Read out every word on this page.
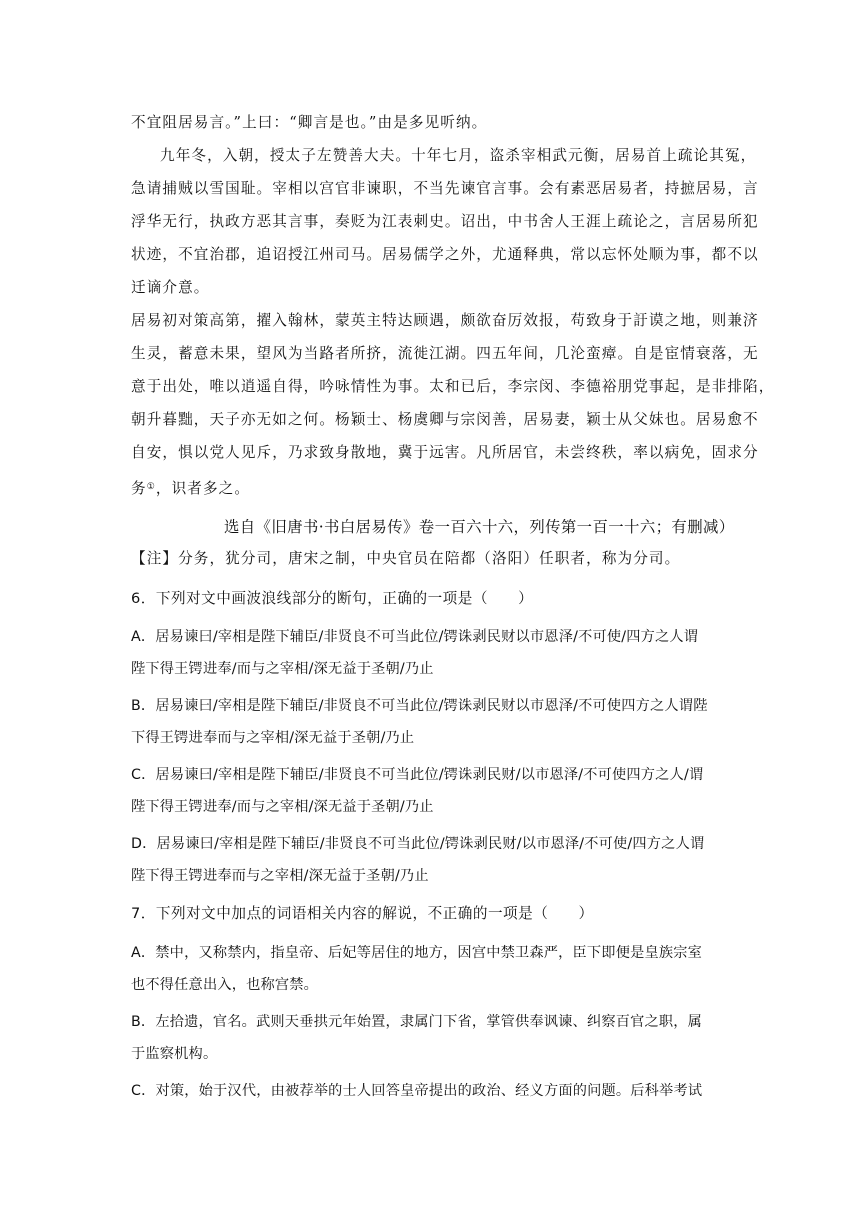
不宜阻居易言。”上曰：“卿言是也。”由是多见听纳。
九年冬，入朝，授太子左赞善大夫。十年七月，盗杀宰相武元衡，居易首上疏论其冤，
急请捕贼以雪国耻。宰相以宫官非谏职，不当先谏官言事。会有素恶居易者，持摭居易，言
浮华无行，执政方恶其言事，奏贬为江表刺史。诏出，中书舍人王涯上疏论之，言居易所犯
状迹，不宜治郡，追诏授江州司马。居易儒学之外，尤通释典，常以忘怀处顺为事，都不以
迁谪介意。
居易初对策高第，擢入翰林，蒙英主特达顾遇，颇欲奋厉效报，苟致身于訏谟之地，则兼济
生灵，蓄意未果，望风为当路者所挤，流徙江湖。四五年间，几沦蛮瘴。自是宦情衰落，无
意于出处，唯以逍遥自得，吟咏情性为事。太和已后，李宗闵、李德裕朋党事起，是非排陷，
朝升暮黜，天子亦无如之何。杨颖士、杨虞卿与宗闵善，居易妻，颖士从父妹也。居易愈不
自安，惧以党人见斥，乃求致身散地，冀于远害。凡所居官，未尝终秩，率以病免，固求分
务①，识者多之。
选自《旧唐书·书白居易传》卷一百六十六，列传第一百一十六；有删减）
【注】分务，犹分司，唐宋之制，中央官员在陪都（洛阳）任职者，称为分司。
6．下列对文中画波浪线部分的断句，正确的一项是（　　）
A．居易谏曰/宰相是陛下辅臣/非贤良不可当此位/锷诛剥民财以市恩泽/不可使/四方之人谓
陛下得王锷进奉/而与之宰相/深无益于圣朝/乃止
B．居易谏曰/宰相是陛下辅臣/非贤良不可当此位/锷诛剥民财以市恩泽/不可使四方之人谓陛
下得王锷进奉而与之宰相/深无益于圣朝/乃止
C．居易谏曰/宰相是陛下辅臣/非贤良不可当此位/锷诛剥民财/以市恩泽/不可使四方之人/谓
陛下得王锷进奉/而与之宰相/深无益于圣朝/乃止
D．居易谏曰/宰相是陛下辅臣/非贤良不可当此位/锷诛剥民财/以市恩泽/不可使/四方之人谓
陛下得王锷进奉而与之宰相/深无益于圣朝/乃止
7．下列对文中加点的词语相关内容的解说，不正确的一项是（　　）
A．禁中，又称禁内，指皇帝、后妃等居住的地方，因宫中禁卫森严，臣下即便是皇族宗室
也不得任意出入，也称宫禁。
B．左拾遗，官名。武则天垂拱元年始置，隶属门下省，掌管供奉讽谏、纠察百官之职，属
于监察机构。
C．对策，始于汉代，由被荐举的士人回答皇帝提出的政治、经义方面的问题。后科举考试
